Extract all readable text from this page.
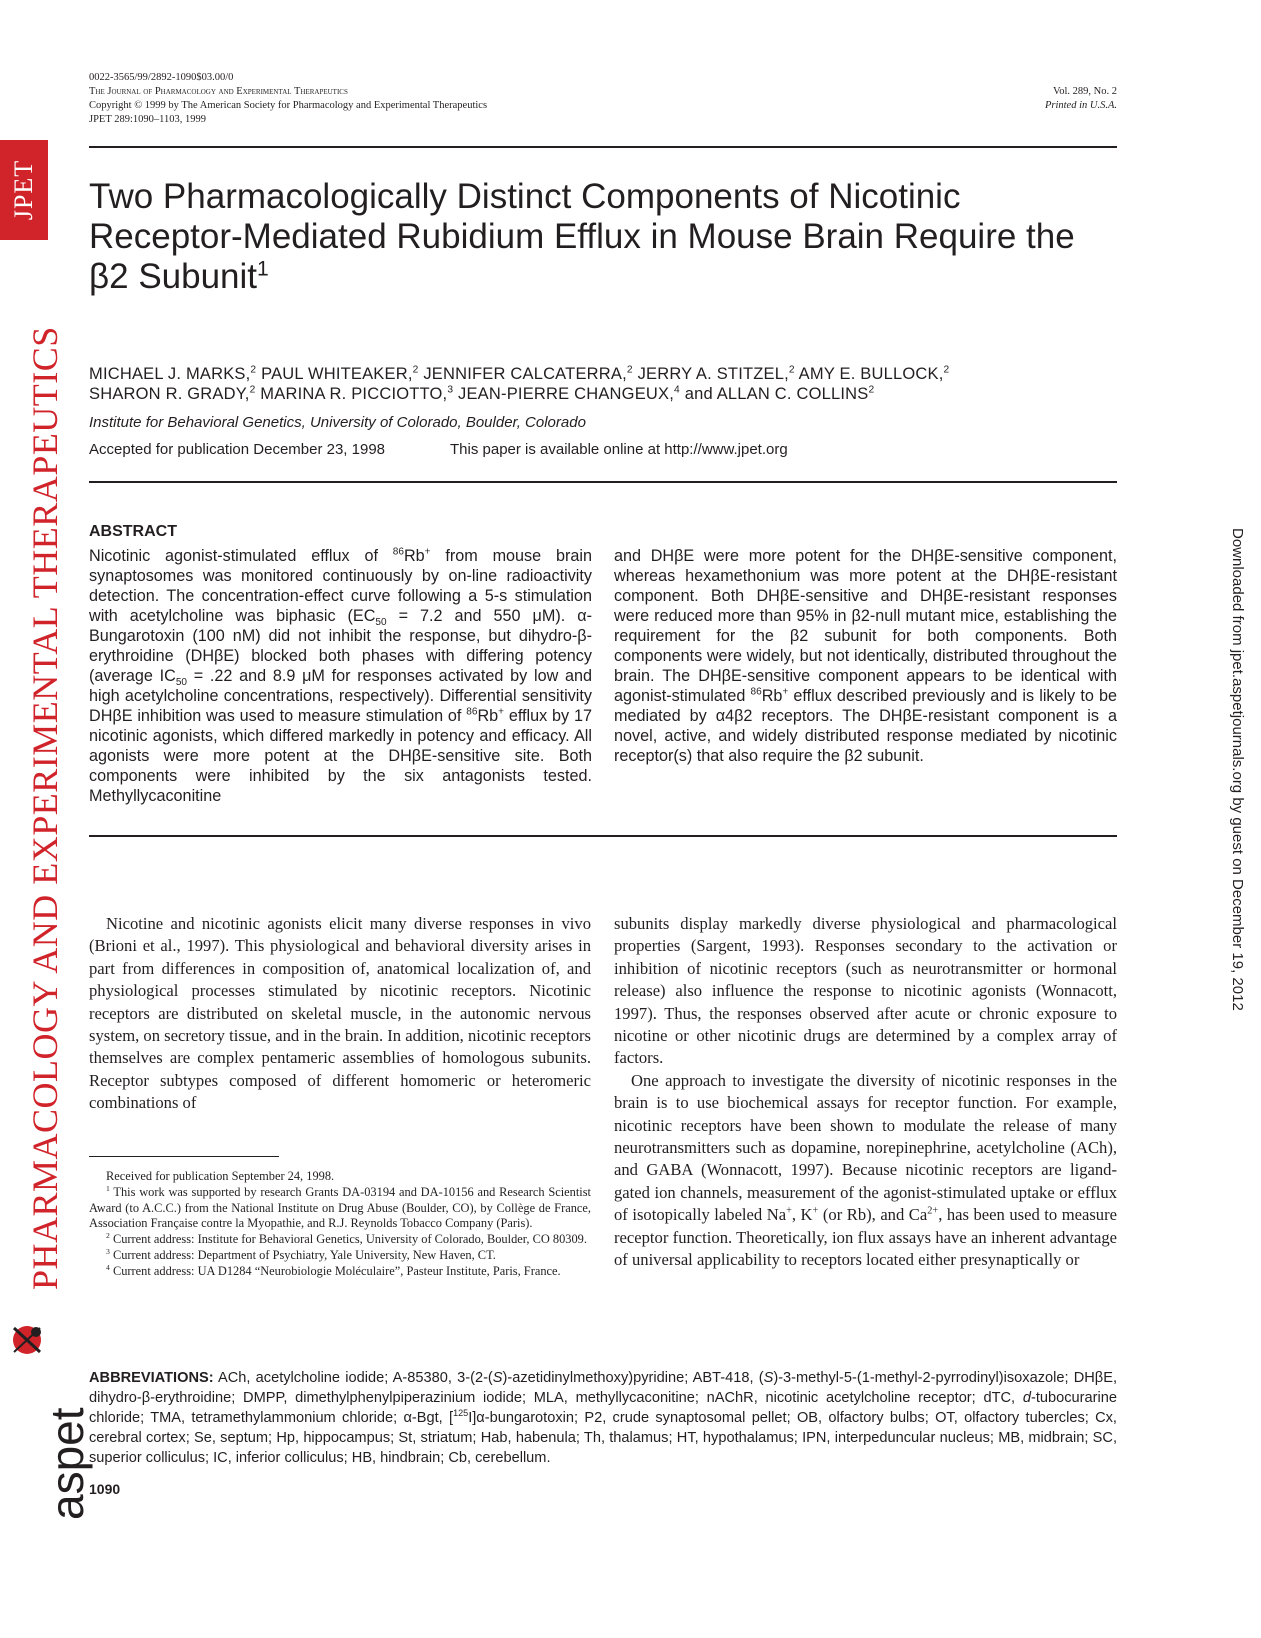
JPET
PHARMACOLOGY AND EXPERIMENTAL THERAPEUTICS
aspet
Downloaded from jpet.aspetjournals.org by guest on December 19, 2012
0022-3565/99/2892-1090$03.00/0
The Journal of Pharmacology and Experimental Therapeutics
Copyright © 1999 by The American Society for Pharmacology and Experimental Therapeutics
JPET 289:1090–1103, 1999
Vol. 289, No. 2
Printed in U.S.A.
Two Pharmacologically Distinct Components of Nicotinic Receptor-Mediated Rubidium Efflux in Mouse Brain Require the β2 Subunit$^1$
MICHAEL J. MARKS,$^2$ PAUL WHITEAKER,$^2$ JENNIFER CALCATERRA,$^2$ JERRY A. STITZEL,$^2$ AMY E. BULLOCK,$^2$
SHARON R. GRADY,$^2$ MARINA R. PICCIOTTO,$^3$ JEAN-PIERRE CHANGEUX,$^4$ and ALLAN C. COLLINS$^2$
Institute for Behavioral Genetics, University of Colorado, Boulder, Colorado
Accepted for publication December 23, 1998	This paper is available online at http://www.jpet.org
ABSTRACT
Nicotinic agonist-stimulated efflux of $^{86}$Rb+ from mouse brain synaptosomes was monitored continuously by on-line radioactivity detection. The concentration-effect curve following a 5-s stimulation with acetylcholine was biphasic ($EC_{50} = 7.2$ and 550 μM). α-Bungarotoxin (100 nM) did not inhibit the response, but dihydro-β-erythroidine (DHβE) blocked both phases with differing potency (average $IC_{50} = .22$ and 8.9 μM for responses activated by low and high acetylcholine concentrations, respectively). Differential sensitivity DHβE inhibition was used to measure stimulation of $^{86}$Rb+ efflux by 17 nicotinic agonists, which differed markedly in potency and efficacy. All agonists were more potent at the DHβE-sensitive site. Both components were inhibited by the six antagonists tested. Methyllycaconitine
and DHβE were more potent for the DHβE-sensitive component, whereas hexamethonium was more potent at the DHβE-resistant component. Both DHβE-sensitive and DHβE-resistant responses were reduced more than 95% in β2-null mutant mice, establishing the requirement for the β2 subunit for both components. Both components were widely, but not identically, distributed throughout the brain. The DHβE-sensitive component appears to be identical with agonist-stimulated $^{86}$Rb+ efflux described previously and is likely to be mediated by α4β2 receptors. The DHβE-resistant component is a novel, active, and widely distributed response mediated by nicotinic receptor(s) that also require the β2 subunit.

Nicotine and nicotinic agonists elicit many diverse responses in vivo (Brioni et al., 1997). This physiological and behavioral diversity arises in part from differences in composition of, anatomical localization of, and physiological processes stimulated by nicotinic receptors. Nicotinic receptors are distributed on skeletal muscle, in the autonomic nervous system, on secretory tissue, and in the brain. In addition, nicotinic receptors themselves are complex pentameric assemblies of homologous subunits. Receptor subtypes composed of different homomeric or heteromeric combinations of

subunits display markedly diverse physiological and pharmacological properties (Sargent, 1993). Responses secondary to the activation or inhibition of nicotinic receptors (such as neurotransmitter or hormonal release) also influence the response to nicotinic agonists (Wonnacott, 1997). Thus, the responses observed after acute or chronic exposure to nicotine or other nicotinic drugs are determined by a complex array of factors.

One approach to investigate the diversity of nicotinic responses in the brain is to use biochemical assays for receptor function. For example, nicotinic receptors have been shown to modulate the release of many neurotransmitters such as dopamine, norepinephrine, acetylcholine (ACh), and GABA (Wonnacott, 1997). Because nicotinic receptors are ligand-gated ion channels, measurement of the agonist-stimulated uptake or efflux of isotopically labeled Na+, K+ (or Rb), and $Ca^{2+}$, has been used to measure receptor function. Theoretically, ion flux assays have an inherent advantage of universal applicability to receptors located either presynaptically or

Received for publication September 24, 1998.
$^1$ This work was supported by research Grants DA-03194 and DA-10156 and Research Scientist Award (to A.C.C.) from the National Institute on Drug Abuse (Boulder, CO), by Collège de France, Association Française contre la Myopathie, and R.J. Reynolds Tobacco Company (Paris).
$^2$ Current address: Institute for Behavioral Genetics, University of Colorado, Boulder, CO 80309.
$^3$ Current address: Department of Psychiatry, Yale University, New Haven, CT.
$^4$ Current address: UA D1284 “Neurobiologie Moléculaire”, Pasteur Institute, Paris, France.
ABBREVIATIONS: ACh, acetylcholine iodide; A-85380, 3-(2-(S)-azetidinylmethoxy)pyridine; ABT-418, (S)-3-methyl-5-(1-methyl-2-pyrrodinyl)isoxazole; DHβE, dihydro-β-erythroidine; DMPP, dimethylphenylpiperazinium iodide; MLA, methyllycaconitine; nAChR, nicotinic acetylcholine receptor; dTC, d-tubocurarine chloride; TMA, tetramethylammonium chloride; α-Bgt, [$^{125}$I]α-bungarotoxin; P2, crude synaptosomal pellet; OB, olfactory bulbs; OT, olfactory tubercles; Cx, cerebral cortex; Se, septum; Hp, hippocampus; St, striatum; Hab, habenula; Th, thalamus; HT, hypothalamus; IPN, interpeduncular nucleus; MB, midbrain; SC, superior colliculus; IC, inferior colliculus; HB, hindbrain; Cb, cerebellum.
1090
